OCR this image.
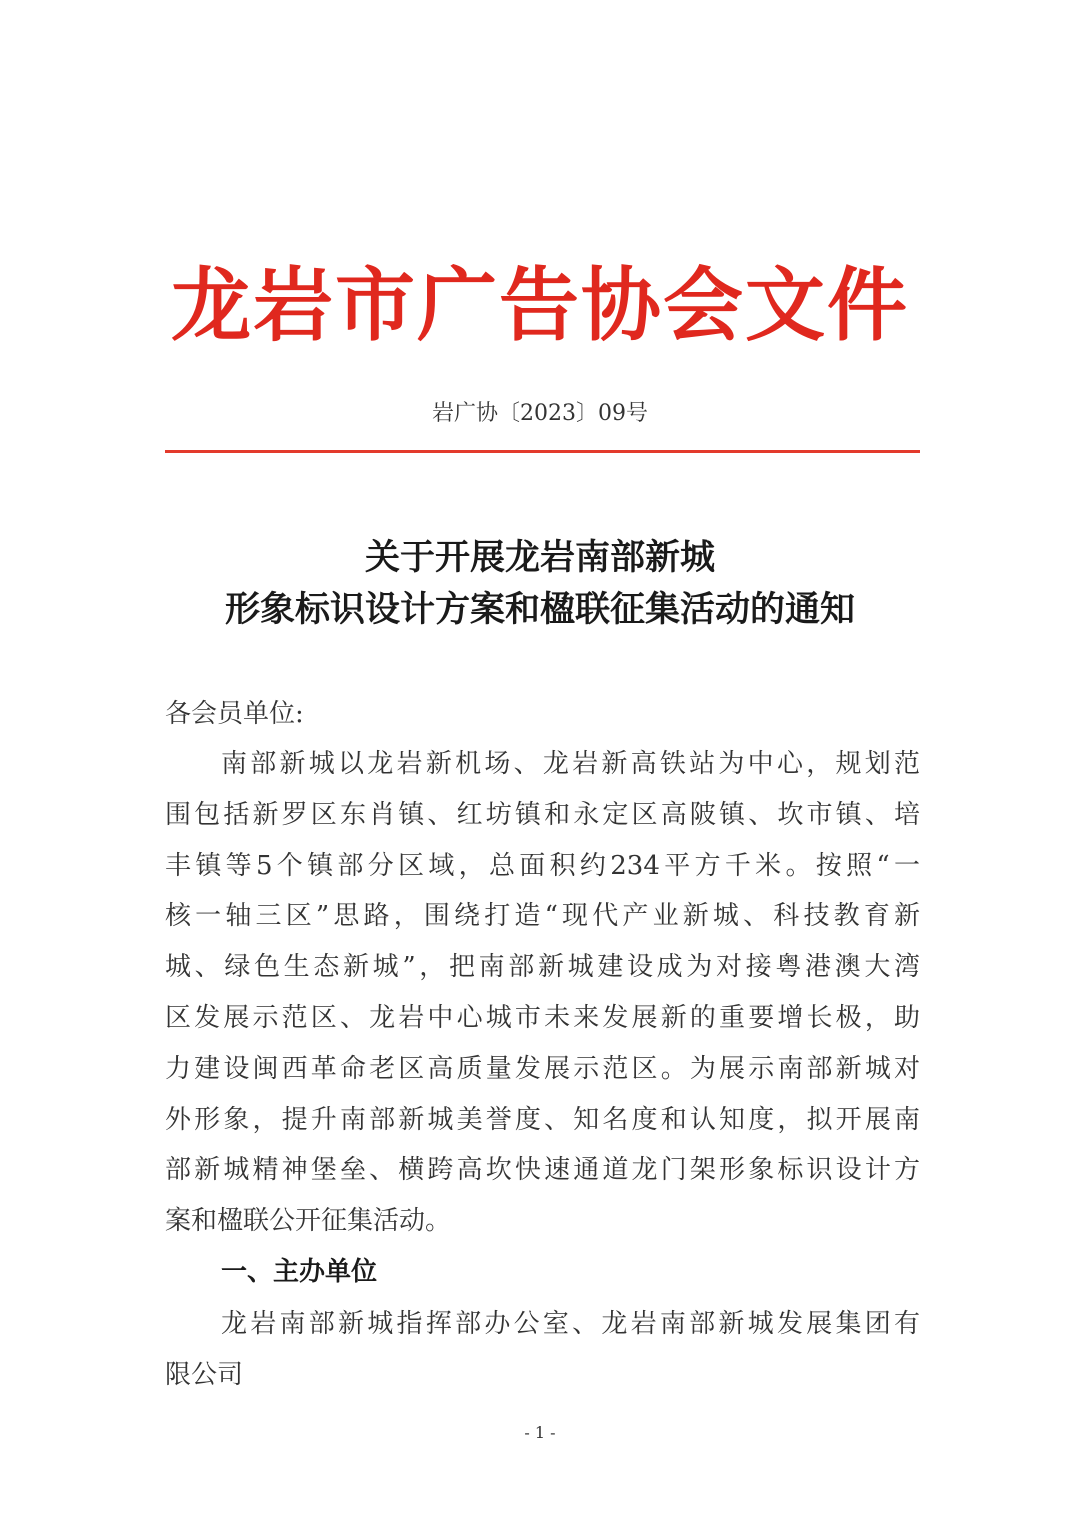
龙岩市广告协会文件
岩广协〔2023〕09号
关于开展龙岩南部新城
形象标识设计方案和楹联征集活动的通知
各会员单位:
南部新城以龙岩新机场、龙岩新高铁站为中心，规划范
围包括新罗区东肖镇、红坊镇和永定区高陂镇、坎市镇、培
丰镇等5个镇部分区域，总面积约234平方千米。按照“一
核一轴三区”思路，围绕打造“现代产业新城、科技教育新
城、绿色生态新城”，把南部新城建设成为对接粤港澳大湾
区发展示范区、龙岩中心城市未来发展新的重要增长极，助
力建设闽西革命老区高质量发展示范区。为展示南部新城对
外形象，提升南部新城美誉度、知名度和认知度，拟开展南
部新城精神堡垒、横跨高坎快速通道龙门架形象标识设计方
案和楹联公开征集活动。
一、主办单位
龙岩南部新城指挥部办公室、龙岩南部新城发展集团有
限公司
- 1 -
